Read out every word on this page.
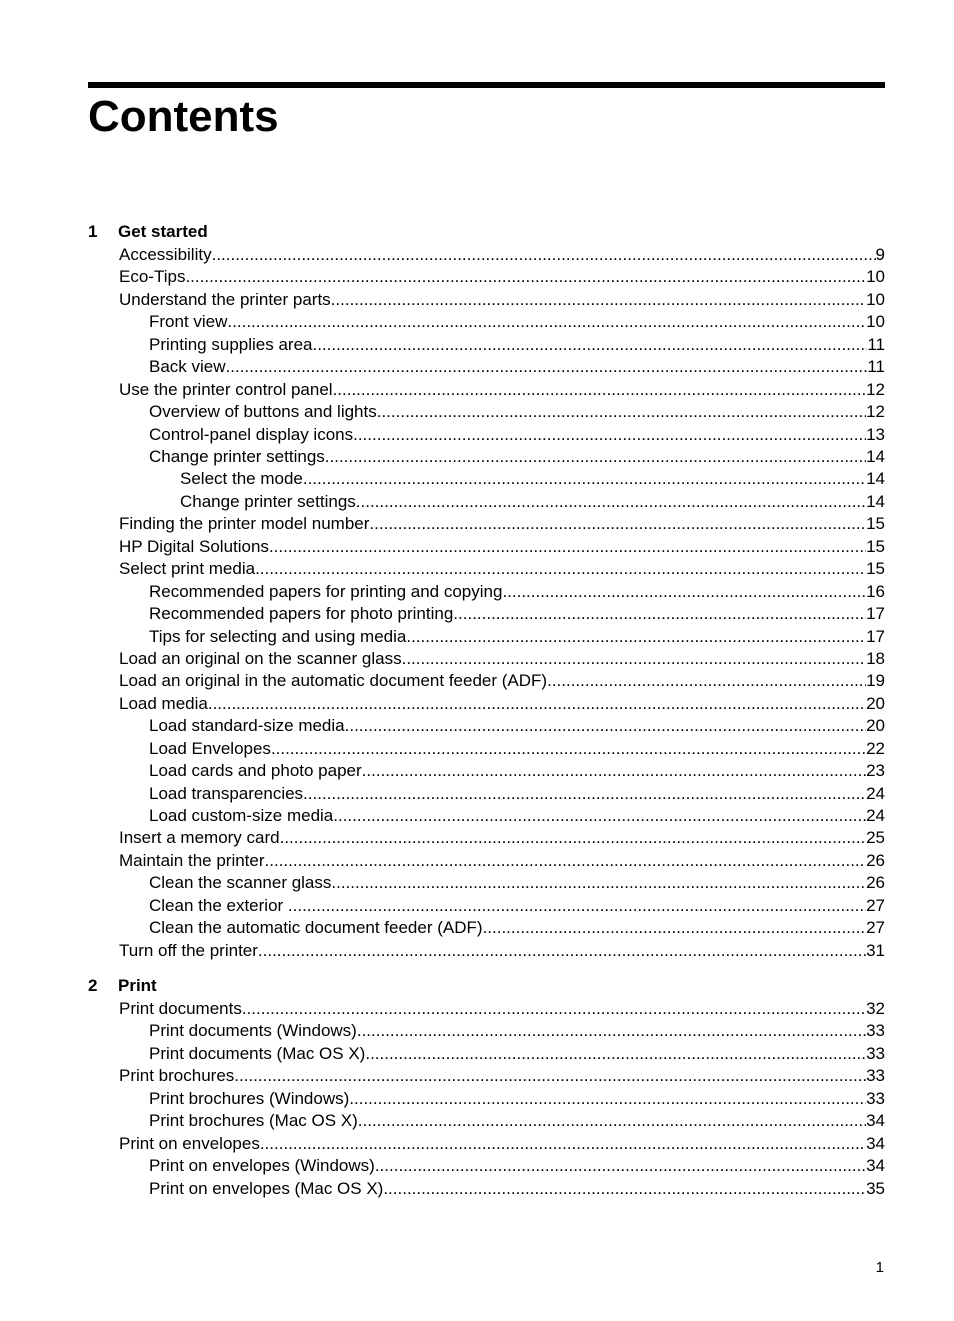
Contents
1 Get started
Accessibility .....	9
Eco-Tips .....	10
Understand the printer parts .....	10
Front view .....	10
Printing supplies area .....	11
Back view .....	11
Use the printer control panel .....	12
Overview of buttons and lights .....	12
Control-panel display icons .....	13
Change printer settings .....	14
Select the mode .....	14
Change printer settings .....	14
Finding the printer model number .....	15
HP Digital Solutions .....	15
Select print media .....	15
Recommended papers for printing and copying .....	16
Recommended papers for photo printing .....	17
Tips for selecting and using media .....	17
Load an original on the scanner glass .....	18
Load an original in the automatic document feeder (ADF) .....	19
Load media .....	20
Load standard-size media .....	20
Load Envelopes .....	22
Load cards and photo paper .....	23
Load transparencies .....	24
Load custom-size media .....	24
Insert a memory card .....	25
Maintain the printer .....	26
Clean the scanner glass .....	26
Clean the exterior .....	27
Clean the automatic document feeder (ADF) .....	27
Turn off the printer .....	31
2 Print
Print documents .....	32
Print documents (Windows) .....	33
Print documents (Mac OS X) .....	33
Print brochures .....	33
Print brochures (Windows) .....	33
Print brochures (Mac OS X) .....	34
Print on envelopes .....	34
Print on envelopes (Windows) .....	34
Print on envelopes (Mac OS X) .....	35
1
